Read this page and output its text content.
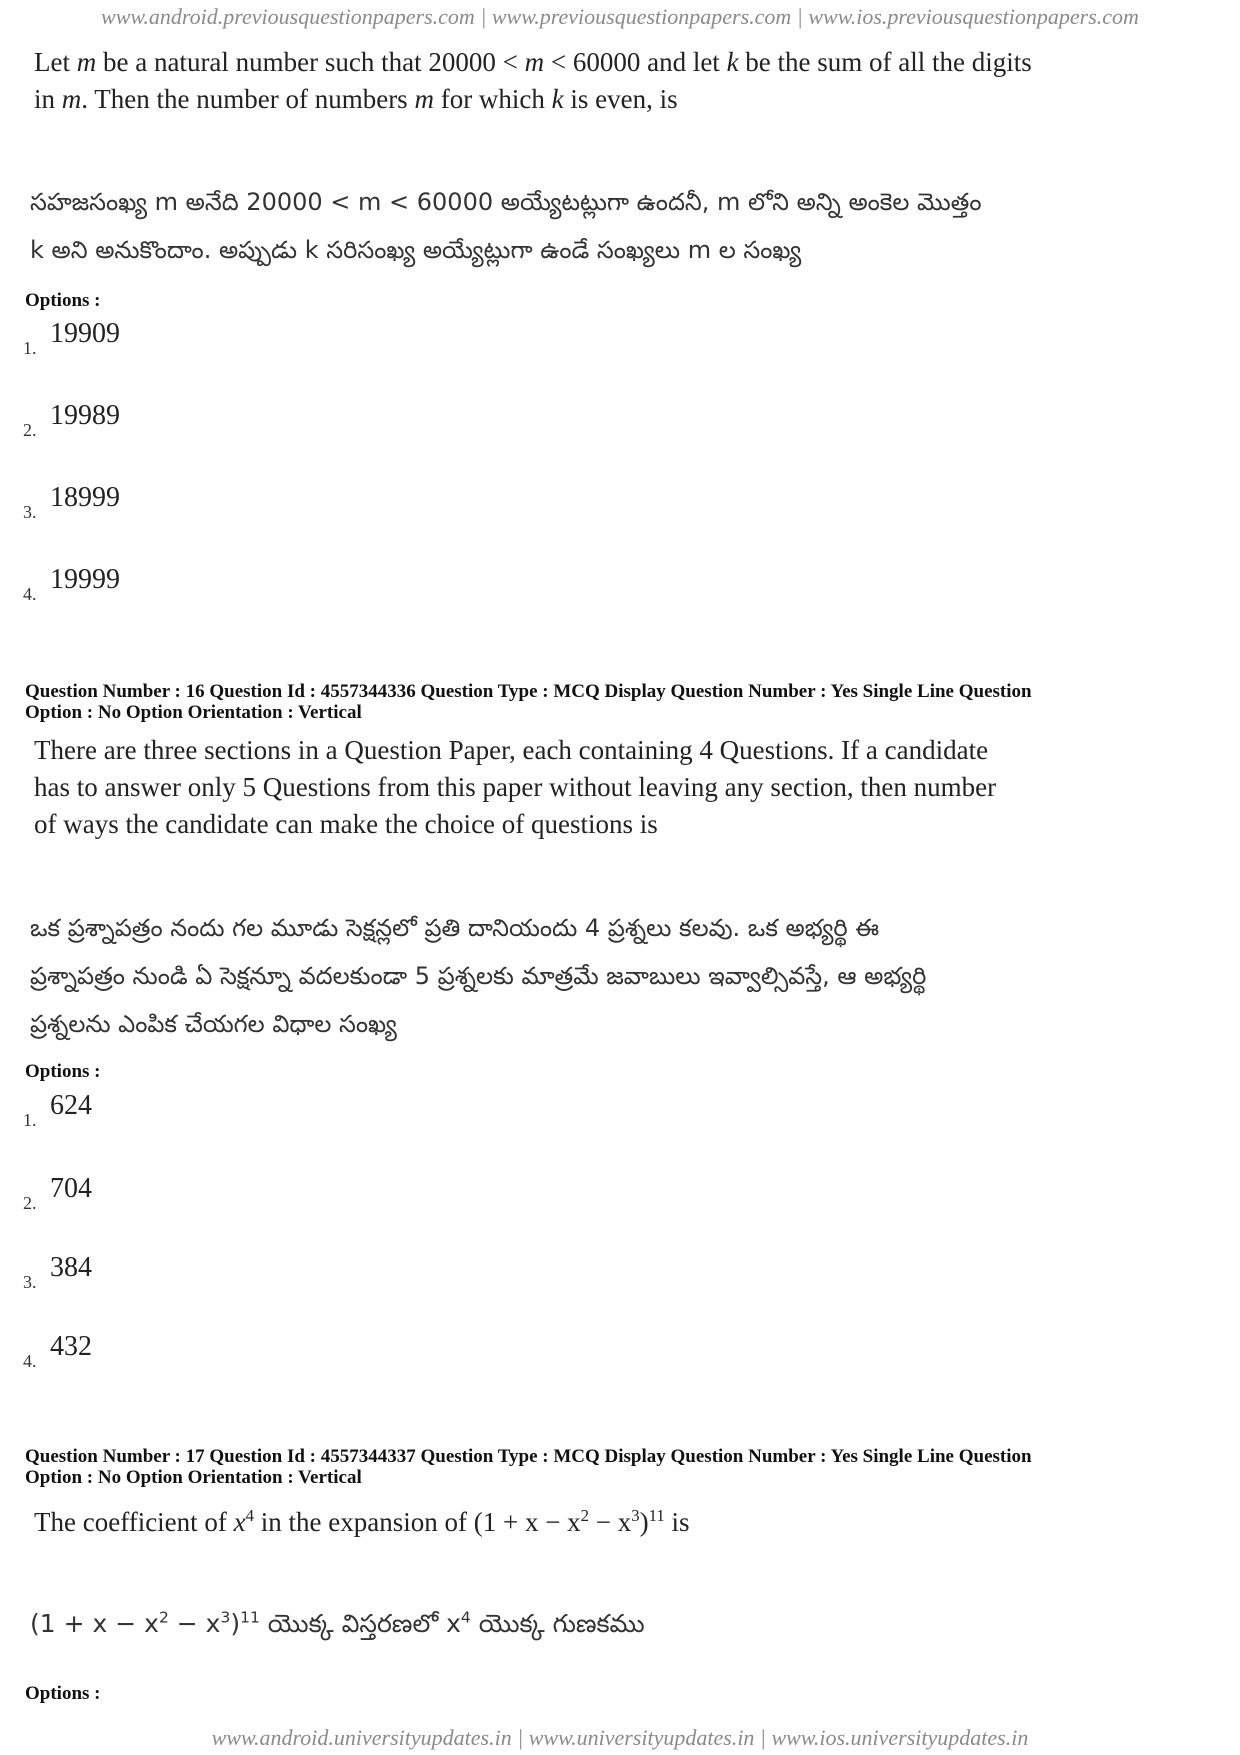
www.android.previousquestionpapers.com | www.previousquestionpapers.com | www.ios.previousquestionpapers.com
Let m be a natural number such that 20000 < m < 60000 and let k be the sum of all the digits
in m. Then the number of numbers m for which k is even, is
సహజసంఖ్య m అనేది 20000 < m < 60000 అయ్యేటట్లుగా ఉందనీ, m లోని అన్ని అంకెల మొత్తం
k అని అనుకొందాం. అప్పుడు k సరిసంఖ్య అయ్యేట్లుగా ఉండే సంఖ్యలు m ల సంఖ్య
Options :
1. 19909
2. 19989
3. 18999
4. 19999
Question Number : 16 Question Id : 4557344336 Question Type : MCQ Display Question Number : Yes Single Line Question
Option : No Option Orientation : Vertical
There are three sections in a Question Paper, each containing 4 Questions. If a candidate
has to answer only 5 Questions from this paper without leaving any section, then number
of ways the candidate can make the choice of questions is
ఒక ప్రశ్నాపత్రం నందు గల మూడు సెక్షన్లలో ప్రతి దానియందు 4 ప్రశ్నలు కలవు. ఒక అభ్యర్థి ఈ
ప్రశ్నాపత్రం నుండి ఏ సెక్షన్నూ వదలకుండా 5 ప్రశ్నలకు మాత్రమే జవాబులు ఇవ్వాల్సివస్తే, ఆ అభ్యర్థి
ప్రశ్నలను ఎంపిక చేయగల విధాల సంఖ్య
Options :
1. 624
2. 704
3. 384
4. 432
Question Number : 17 Question Id : 4557344337 Question Type : MCQ Display Question Number : Yes Single Line Question
Option : No Option Orientation : Vertical
The coefficient of $x^4$ in the expansion of $(1 + x - x^2 - x^3)^{11}$ is
$(1 + x - x^2 - x^3)^{11}$ యొక్క విస్తరణలో $x^4$ యొక్క గుణకము
Options :
www.android.universityupdates.in | www.universityupdates.in | www.ios.universityupdates.in
